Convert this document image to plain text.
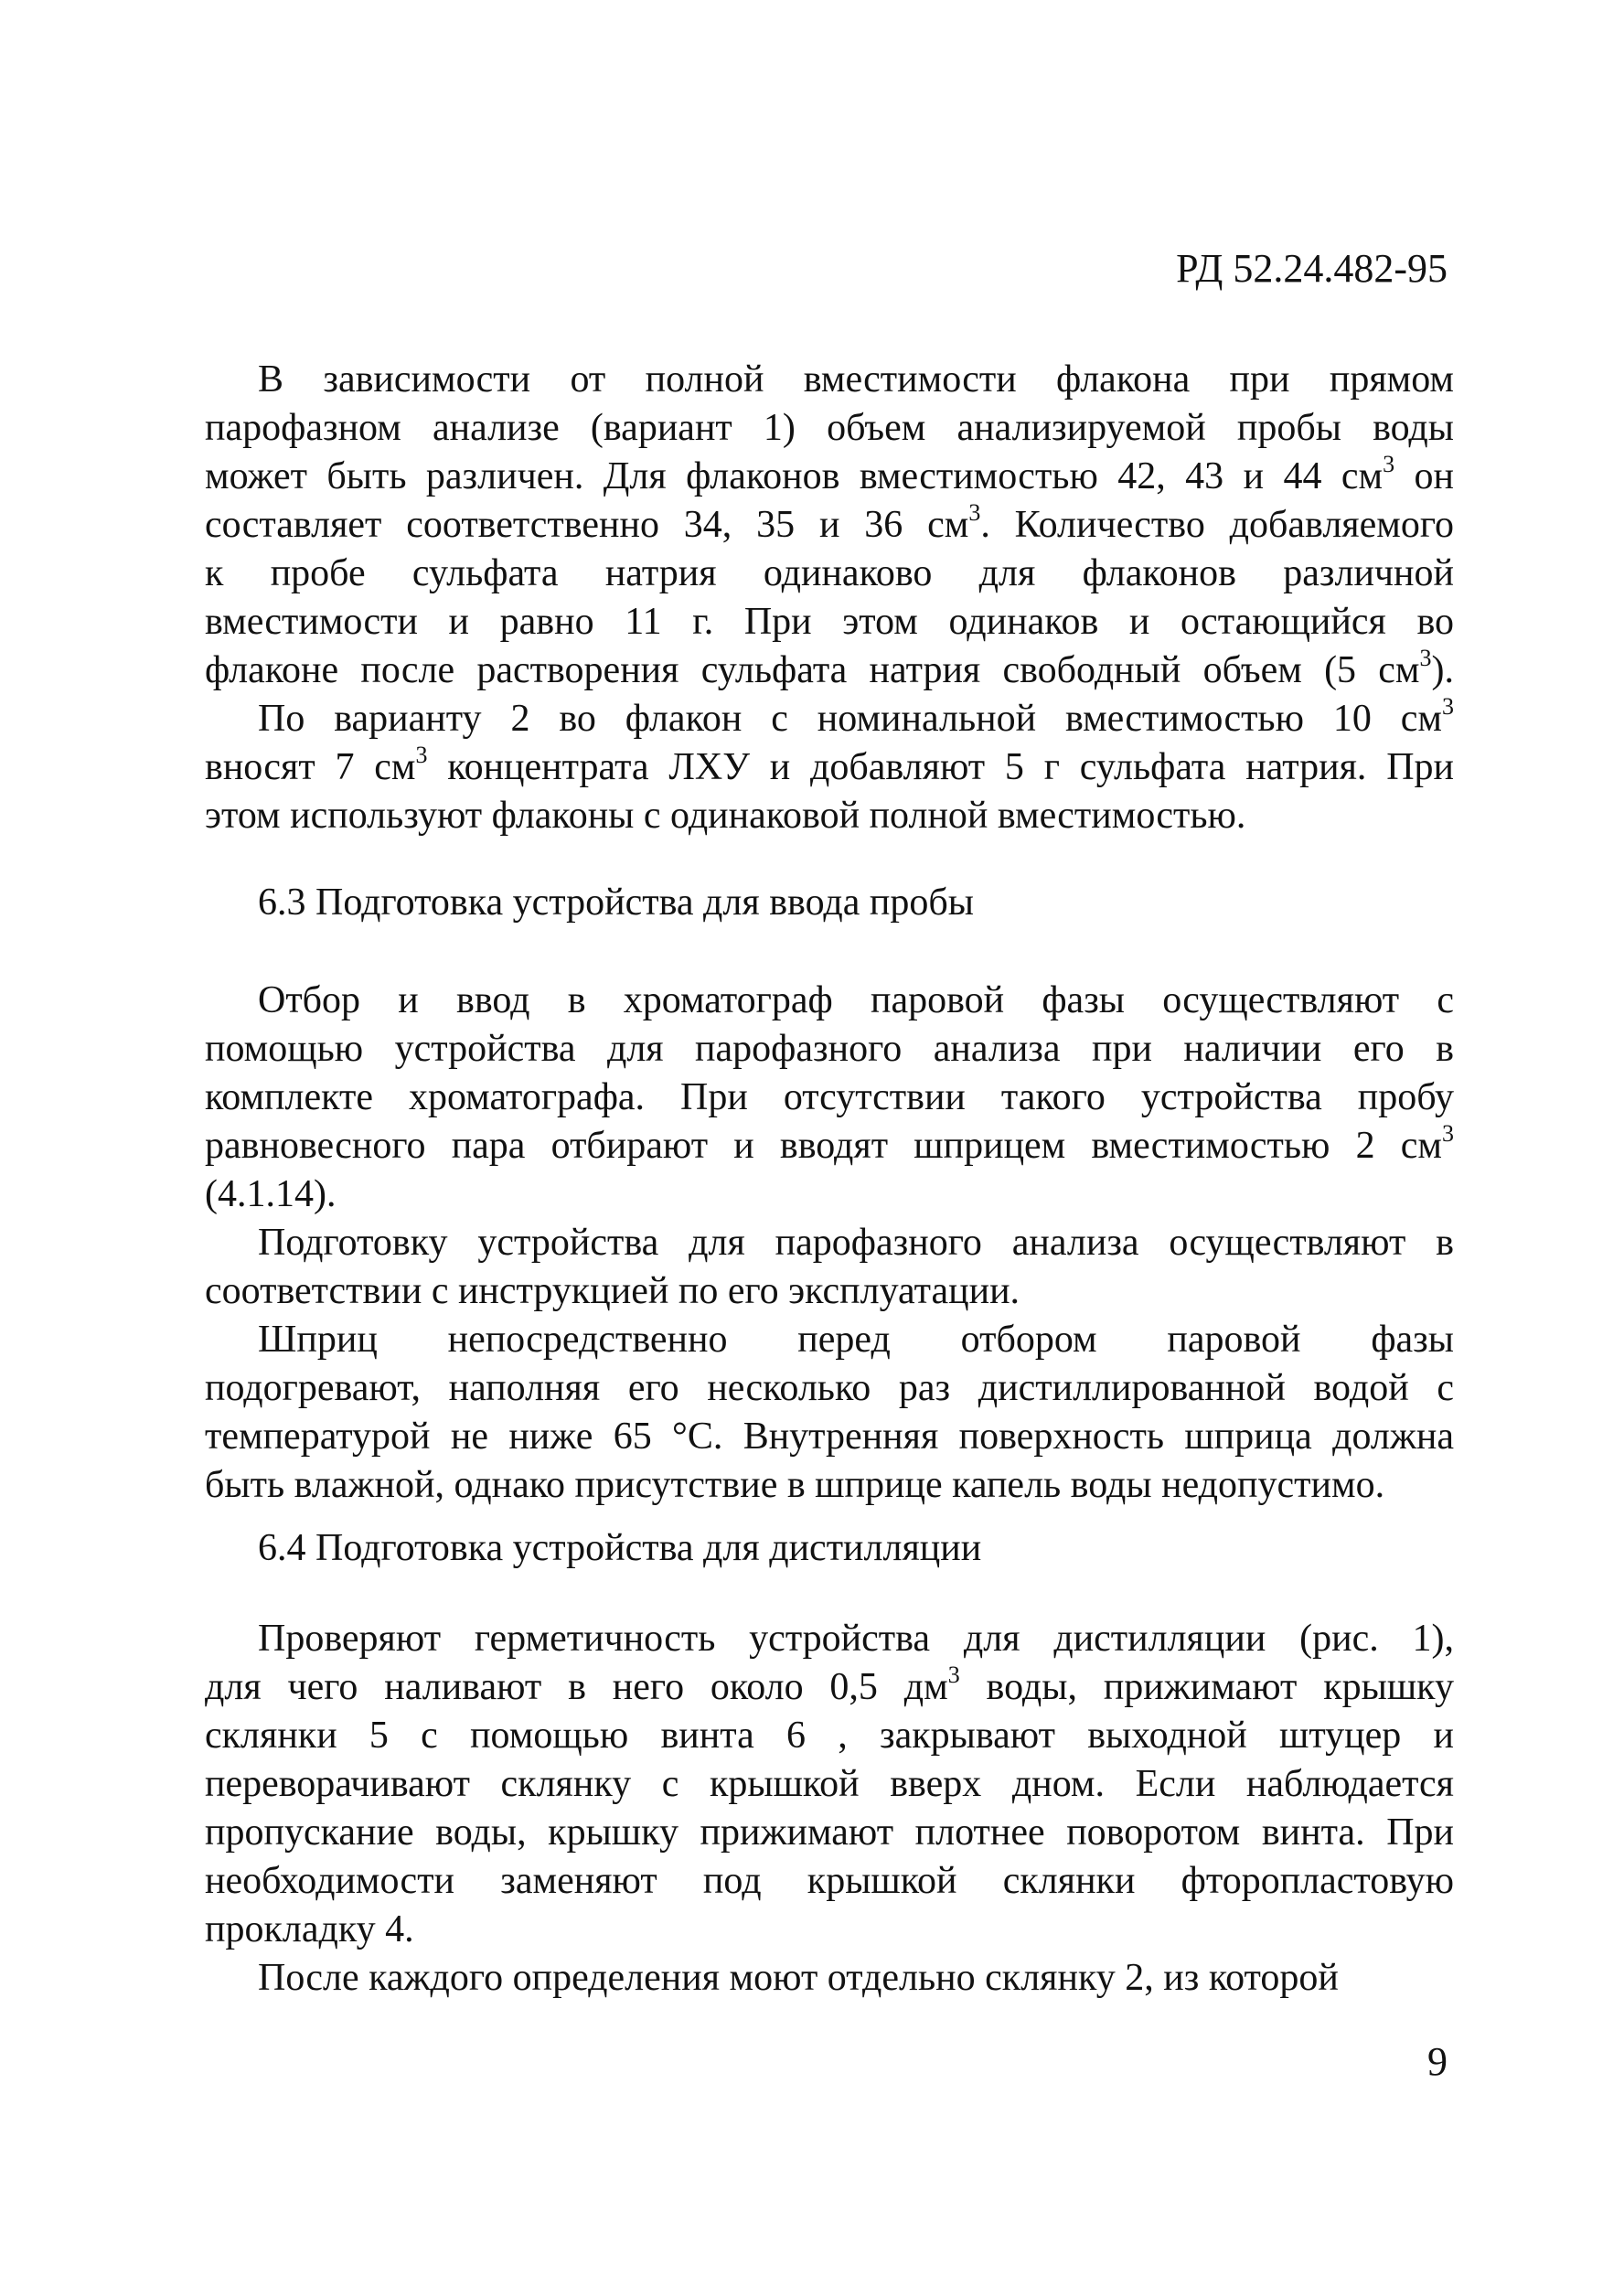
РД 52.24.482-95
В зависимости от полной вместимости флакона при прямом
парофазном анализе (вариант 1) объем анализируемой пробы воды
может быть различен. Для флаконов вместимостью 42, 43 и 44 $см^3$ он
составляет соответственно 34, 35 и 36 $см^3$. Количество добавляемого
к пробе сульфата натрия одинаково для флаконов различной
вместимости и равно 11 г. При этом одинаков и остающийся во
флаконе после растворения сульфата натрия свободный объем (5 $см^3$).
По варианту 2 во флакон с номинальной вместимостью 10 $см^3$
вносят 7 $см^3$ концентрата ЛХУ и добавляют 5 г сульфата натрия. При
этом используют флаконы с одинаковой полной вместимостью.
6.3 Подготовка устройства для ввода пробы
Отбор и ввод в хроматограф паровой фазы осуществляют с
помощью устройства для парофазного анализа при наличии его в
комплекте хроматографа. При отсутствии такого устройства пробу
равновесного пара отбирают и вводят шприцем вместимостью 2 $см^3$
(4.1.14).
Подготовку устройства для парофазного анализа осуществляют в
соответствии с инструкцией по его эксплуатации.
Шприц непосредственно перед отбором паровой фазы
подогревают, наполняя его несколько раз дистиллированной водой с
температурой не ниже 65 °С. Внутренняя поверхность шприца должна
быть влажной, однако присутствие в шприце капель воды недопустимо.
6.4 Подготовка устройства для дистилляции
Проверяют герметичность устройства для дистилляции (рис. 1),
для чего наливают в него около 0,5 $дм^3$ воды, прижимают крышку
склянки 5 с помощью винта 6 , закрывают выходной штуцер и
переворачивают склянку с крышкой вверх дном. Если наблюдается
пропускание воды, крышку прижимают плотнее поворотом винта. При
необходимости заменяют под крышкой склянки фторопластовую
прокладку 4.
После каждого определения моют отдельно склянку 2, из которой
9
